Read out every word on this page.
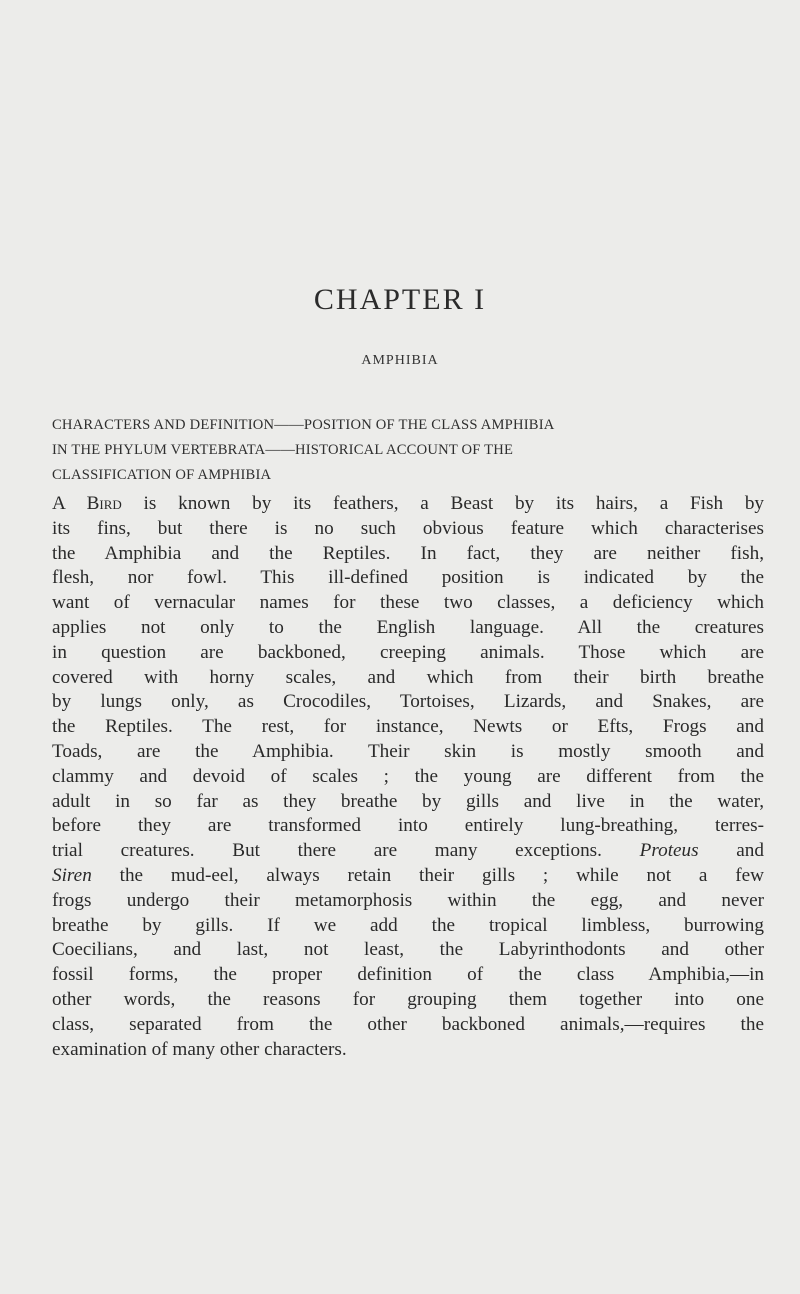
CHAPTER I
AMPHIBIA
CHARACTERS AND DEFINITION——POSITION OF THE CLASS AMPHIBIA
IN THE PHYLUM VERTEBRATA——HISTORICAL ACCOUNT OF THE
CLASSIFICATION OF AMPHIBIA
A Bird is known by its feathers, a Beast by its hairs, a Fish by
its fins, but there is no such obvious feature which characterises
the Amphibia and the Reptiles. In fact, they are neither fish,
flesh, nor fowl. This ill-defined position is indicated by the
want of vernacular names for these two classes, a deficiency which
applies not only to the English language. All the creatures
in question are backboned, creeping animals. Those which are
covered with horny scales, and which from their birth breathe
by lungs only, as Crocodiles, Tortoises, Lizards, and Snakes, are
the Reptiles. The rest, for instance, Newts or Efts, Frogs and
Toads, are the Amphibia. Their skin is mostly smooth and
clammy and devoid of scales ; the young are different from the
adult in so far as they breathe by gills and live in the water,
before they are transformed into entirely lung-breathing, terres-
trial creatures. But there are many exceptions. Proteus and
Siren the mud-eel, always retain their gills ; while not a few
frogs undergo their metamorphosis within the egg, and never
breathe by gills. If we add the tropical limbless, burrowing
Coecilians, and last, not least, the Labyrinthodonts and other
fossil forms, the proper definition of the class Amphibia,—in
other words, the reasons for grouping them together into one
class, separated from the other backboned animals,—requires the
examination of many other characters.
